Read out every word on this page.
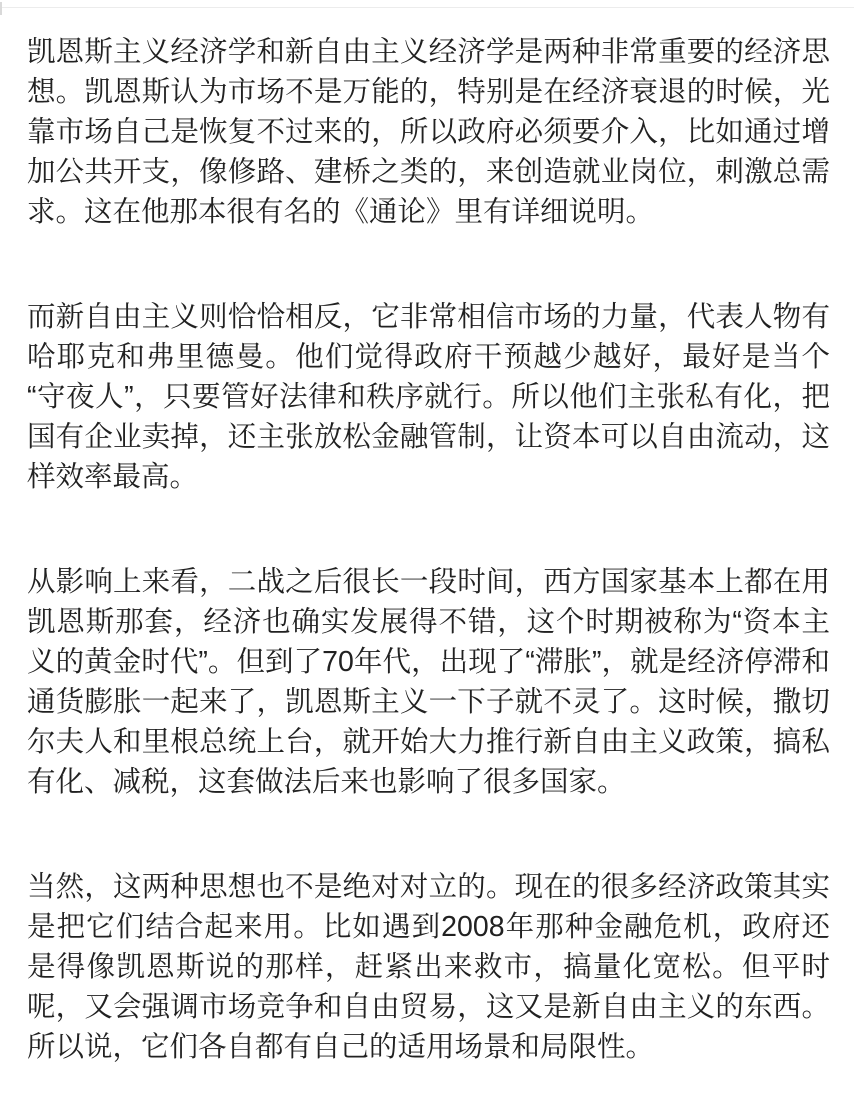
凯恩斯主义经济学和新自由主义经济学是两种非常重要的经济思想。凯恩斯认为市场不是万能的，特别是在经济衰退的时候，光靠市场自己是恢复不过来的，所以政府必须要介入，比如通过增加公共开支，像修路、建桥之类的，来创造就业岗位，刺激总需求。这在他那本很有名的《通论》里有详细说明。

而新自由主义则恰恰相反，它非常相信市场的力量，代表人物有哈耶克和弗里德曼。他们觉得政府干预越少越好，最好是当个“守夜人”，只要管好法律和秩序就行。所以他们主张私有化，把国有企业卖掉，还主张放松金融管制，让资本可以自由流动，这样效率最高。

从影响上来看，二战之后很长一段时间，西方国家基本上都在用凯恩斯那套，经济也确实发展得不错，这个时期被称为“资本主义的黄金时代”。但到了70年代，出现了“滞胀”，就是经济停滞和通货膨胀一起来了，凯恩斯主义一下子就不灵了。这时候，撒切尔夫人和里根总统上台，就开始大力推行新自由主义政策，搞私有化、减税，这套做法后来也影响了很多国家。

当然，这两种思想也不是绝对对立的。现在的很多经济政策其实是把它们结合起来用。比如遇到2008年那种金融危机，政府还是得像凯恩斯说的那样，赶紧出来救市，搞量化宽松。但平时呢，又会强调市场竞争和自由贸易，这又是新自由主义的东西。所以说，它们各自都有自己的适用场景和局限性。
